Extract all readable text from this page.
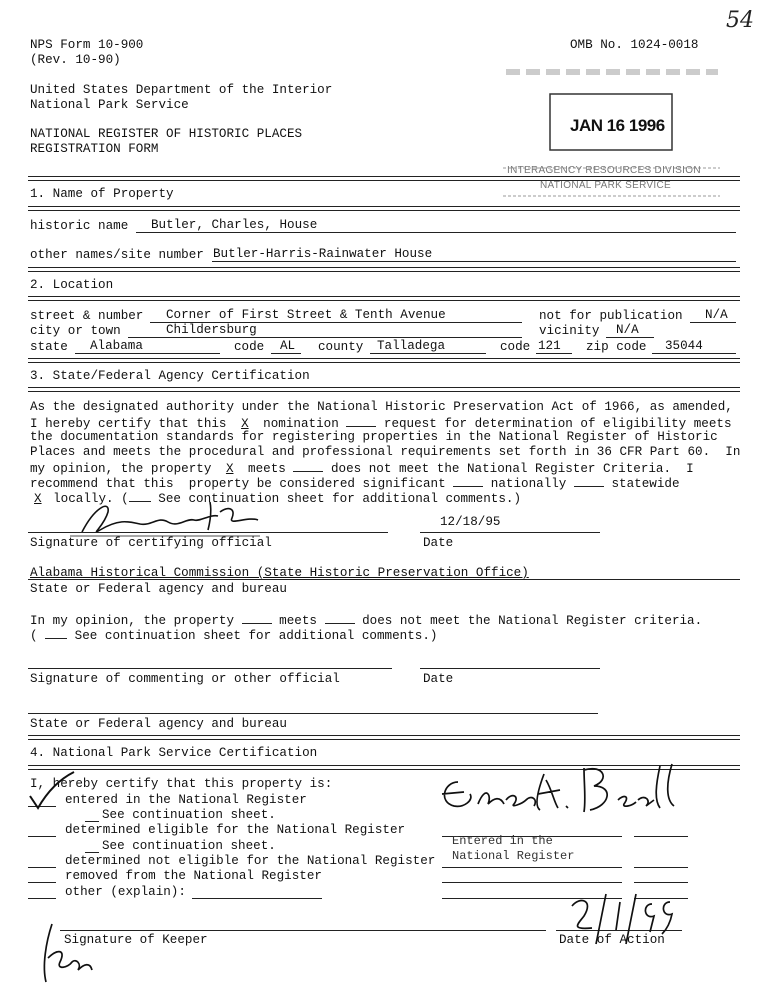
54
NPS Form 10-900
(Rev. 10-90)
OMB No. 1024-0018
United States Department of the Interior
National Park Service
NATIONAL REGISTER OF HISTORIC PLACES
REGISTRATION FORM
JAN 16 1996
INTERAGENCY RESOURCES DIVISION
NATIONAL PARK SERVICE
1. Name of Property
historic name Butler, Charles, House
other names/site number Butler-Harris-Rainwater House
2. Location
street & number Corner of First Street & Tenth Avenue	not for publication N/A
city or town	Childersburg	vicinity N/A
state Alabama	code AL county Talladega	code 121 zip code 35044
3. State/Federal Agency Certification
As the designated authority under the National Historic Preservation Act of 1966, as amended,
I hereby certify that this X nomination  request for determination of eligibility meets
the documentation standards for registering properties in the National Register of Historic
Places and meets the procedural and professional requirements set forth in 36 CFR Part 60.  In
my opinion, the property X meets  does not meet the National Register Criteria.  I
recommend that this  property be considered significant  nationally  statewide
X locally. ( See continuation sheet for additional comments.)
12/18/95
Signature of certifying official	Date
Alabama Historical Commission (State Historic Preservation Office)
State or Federal agency and bureau
In my opinion, the property  meets  does not meet the National Register criteria.
(  See continuation sheet for additional comments.)
Signature of commenting or other official	Date
State or Federal agency and bureau
4. National Park Service Certification
I, hereby certify that this property is:
entered in the National Register
See continuation sheet.
determined eligible for the National Register
See continuation sheet.
determined not eligible for the National Register
removed from the National Register
other (explain):
Entered in the
National Register
Signature of Keeper	Date of Action
